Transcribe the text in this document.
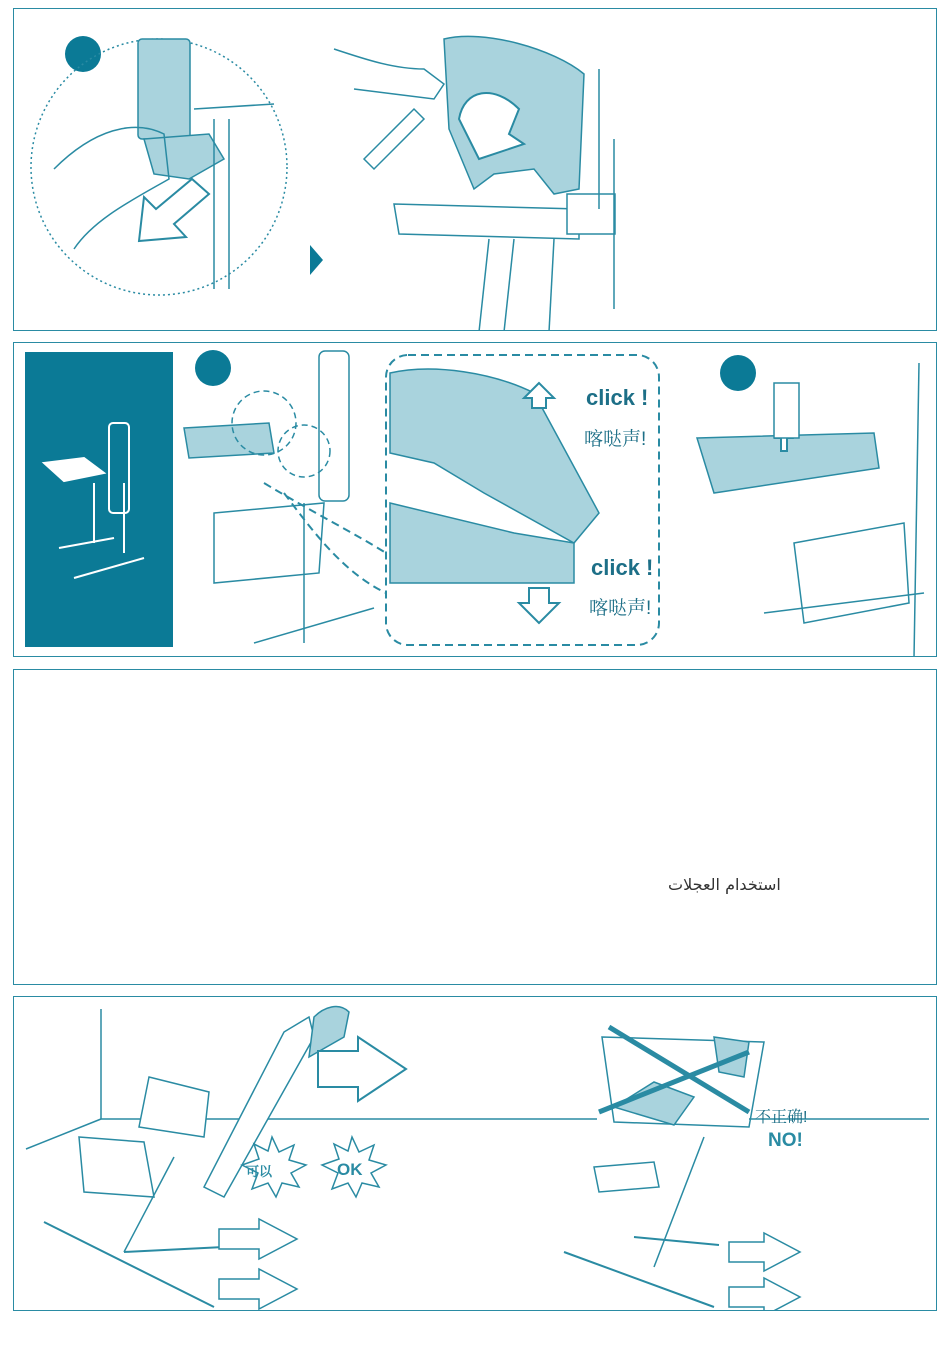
click !
喀哒声!
click !
喀哒声!
استخدام العجلات
可以	OK
不正确!
NO!
